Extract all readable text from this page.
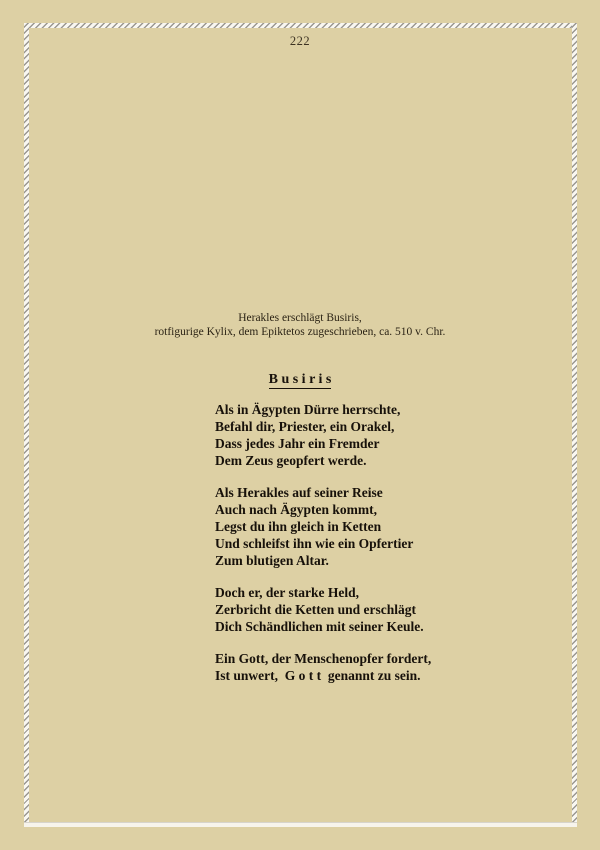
222
Herakles erschlägt Busiris,
rotfigurige Kylix, dem Epiktetos zugeschrieben, ca. 510 v. Chr.
B u s i r i s
Als in Ägypten Dürre herrschte,
Befahl dir, Priester, ein Orakel,
Dass jedes Jahr ein Fremder
Dem Zeus geopfert werde.
Als Herakles auf seiner Reise
Auch nach Ägypten kommt,
Legst du ihn gleich in Ketten
Und schleifst ihn wie ein Opfertier
Zum blutigen Altar.
Doch er, der starke Held,
Zerbricht die Ketten und erschlägt
Dich Schändlichen mit seiner Keule.
Ein Gott, der Menschenopfer fordert,
Ist unwert,  G o t t  genannt zu sein.
